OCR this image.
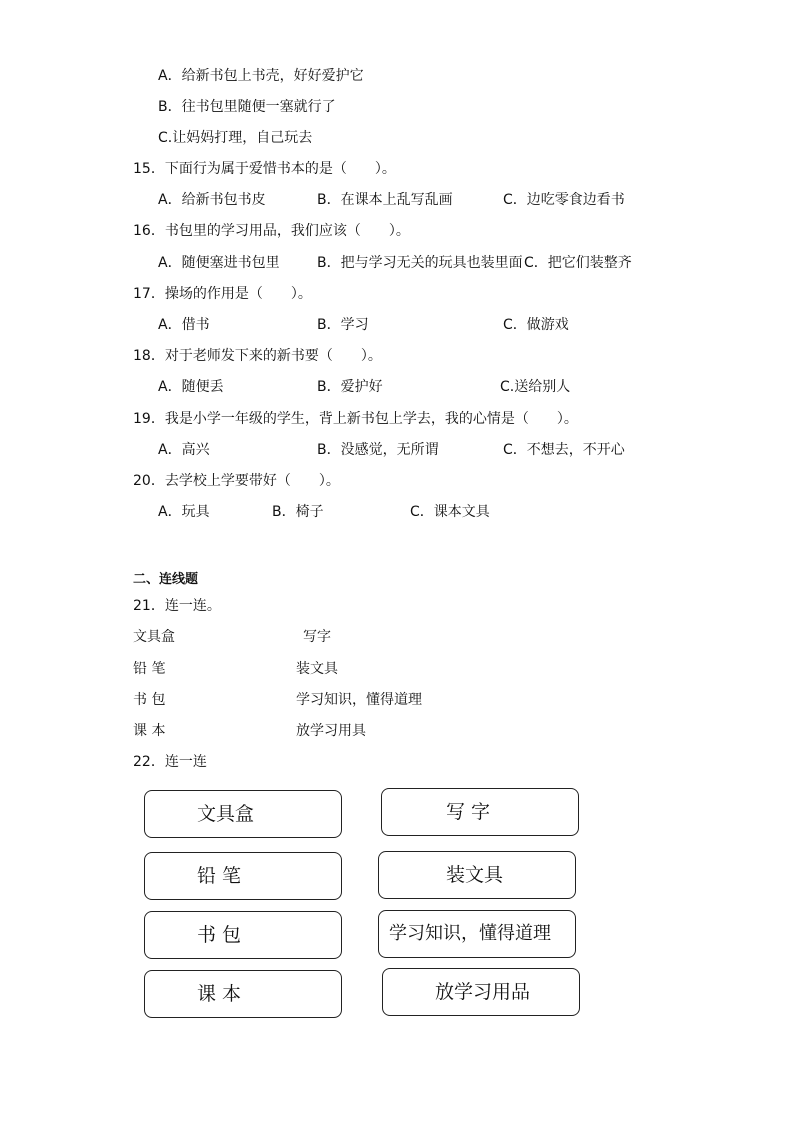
A．给新书包上书壳，好好爱护它
B．往书包里随便一塞就行了
C.让妈妈打理，自己玩去
15．下面行为属于爱惜书本的是（　　）。
A．给新书包书皮	B．在课本上乱写乱画	C．边吃零食边看书
16．书包里的学习用品，我们应该（　　）。
A．随便塞进书包里	B．把与学习无关的玩具也装里面 C．把它们装整齐
17．操场的作用是（　　）。
A．借书	B．学习	C．做游戏
18．对于老师发下来的新书要（　　）。
A．随便丢	B．爱护好	C.送给别人
19．我是小学一年级的学生，背上新书包上学去，我的心情是（　　）。
A．高兴	B．没感觉，无所谓	C．不想去，不开心
20．去学校上学要带好（　　）。
A．玩具	B．椅子	C．课本文具
二、连线题
21．连一连。
文具盒	写字
铅 笔	装文具
书 包	学习知识，懂得道理
课 本	放学习用具
22．连一连
文具盒
铅 笔
书 包
课 本
写 字
装文具
学习知识，懂得道理
放学习用品
